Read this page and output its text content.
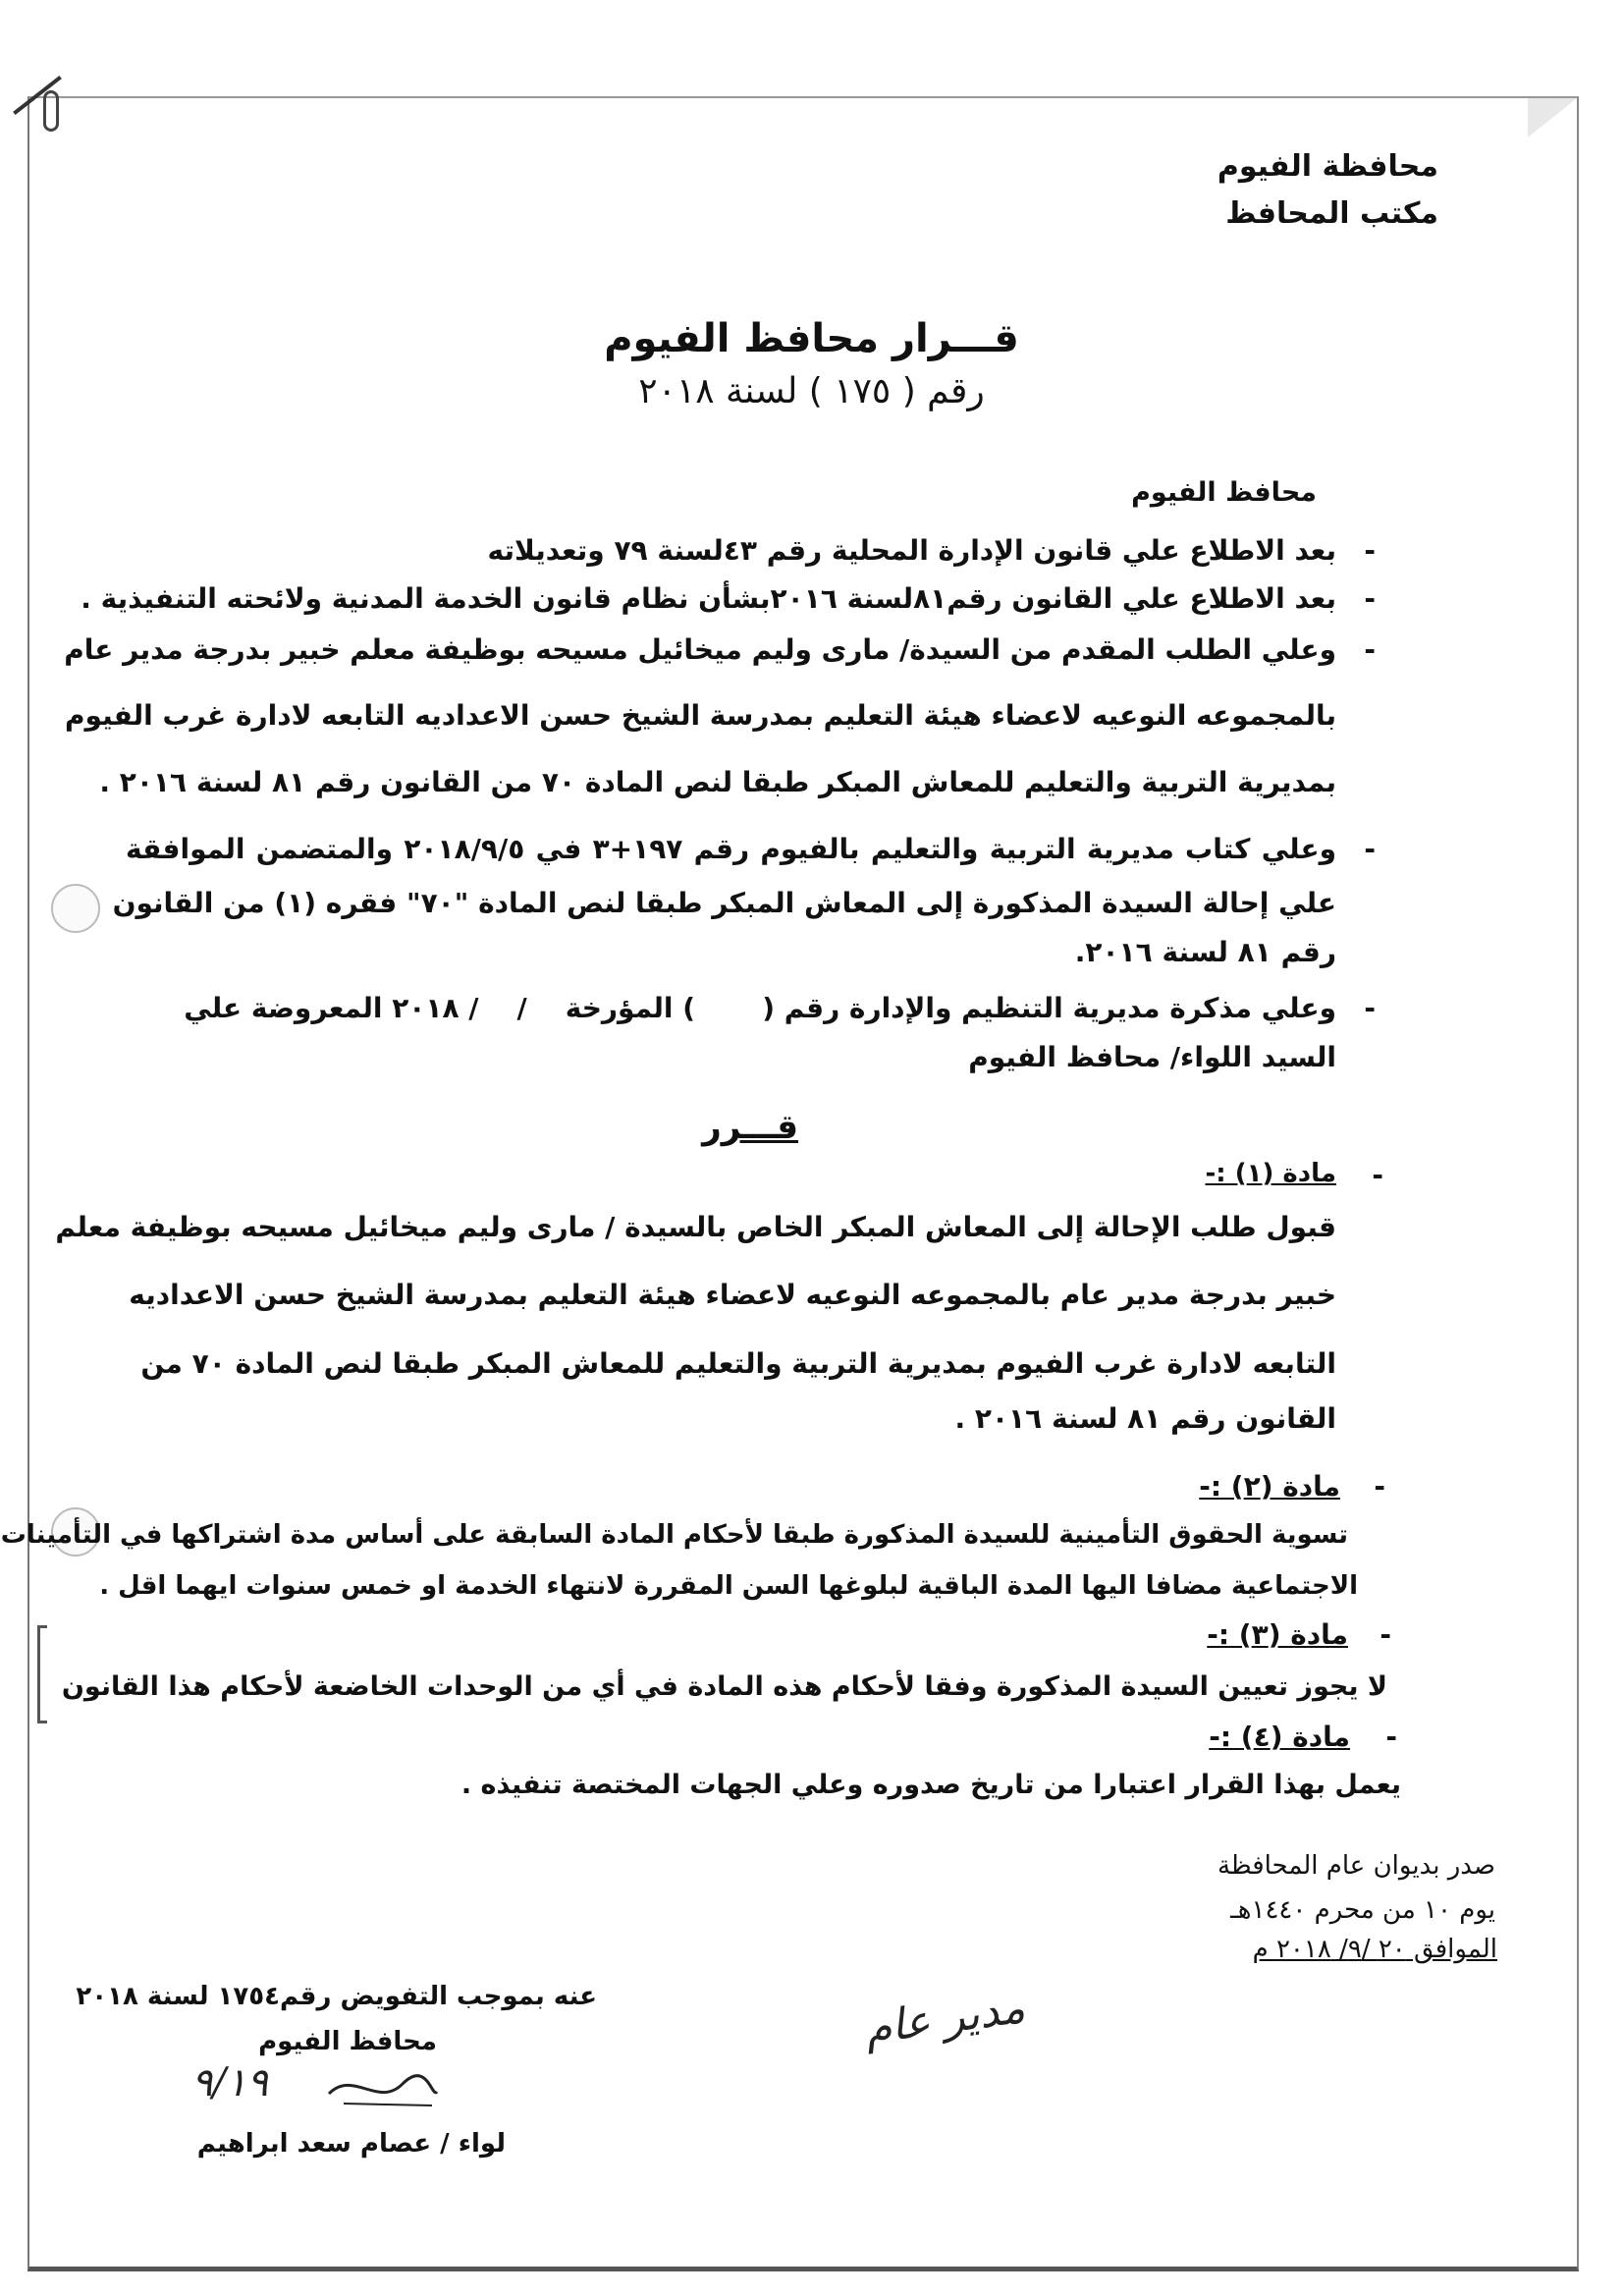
محافظة الفيوم
مكتب المحافظ
قـــرار محافظ الفيوم
رقم ( ١٧٥ ) لسنة ٢٠١٨
محافظ الفيوم
-
بعد الاطلاع علي قانون الإدارة المحلية رقم ٤٣لسنة ٧٩ وتعديلاته
-
بعد الاطلاع علي القانون رقم٨١لسنة ٢٠١٦بشأن نظام قانون الخدمة المدنية ولائحته التنفيذية .
-
وعلي الطلب المقدم من السيدة/ مارى وليم ميخائيل مسيحه بوظيفة معلم خبير بدرجة مدير عام
بالمجموعه النوعيه لاعضاء هيئة التعليم بمدرسة الشيخ حسن الاعداديه التابعه لادارة غرب الفيوم
بمديرية التربية والتعليم للمعاش المبكر طبقا لنص المادة ٧٠ من القانون رقم ٨١ لسنة ٢٠١٦ .
-
وعلي كتاب مديرية التربية والتعليم بالفيوم رقم ١٩٧+٣ في ٢٠١٨/٩/٥ والمتضمن الموافقة
علي إحالة السيدة المذكورة إلى المعاش المبكر طبقا لنص المادة "٧٠" فقره (١) من القانون
رقم ٨١ لسنة ٢٠١٦.
-
وعلي مذكرة مديرية التنظيم والإدارة رقم (       ) المؤرخة    /    / ٢٠١٨ المعروضة علي
السيد اللواء/ محافظ الفيوم
قـــرر
-
مادة (١) :-
قبول طلب الإحالة إلى المعاش المبكر الخاص بالسيدة / مارى وليم ميخائيل مسيحه بوظيفة معلم
خبير بدرجة مدير عام بالمجموعه النوعيه لاعضاء هيئة التعليم بمدرسة الشيخ حسن الاعداديه
التابعه لادارة غرب الفيوم بمديرية التربية والتعليم للمعاش المبكر طبقا لنص المادة ٧٠ من
القانون رقم ٨١ لسنة ٢٠١٦ .
-
مادة (٢) :-
تسوية الحقوق التأمينية للسيدة المذكورة طبقا لأحكام المادة السابقة على أساس مدة اشتراكها في التأمينات
الاجتماعية مضافا اليها المدة الباقية لبلوغها السن المقررة لانتهاء الخدمة او خمس سنوات ايهما اقل .
-
مادة (٣) :-
لا يجوز تعيين السيدة المذكورة وفقا لأحكام هذه المادة في أي من الوحدات الخاضعة لأحكام هذا القانون
-
مادة (٤) :-
يعمل بهذا القرار اعتبارا من تاريخ صدوره وعلي الجهات المختصة تنفيذه .
صدر بديوان عام المحافظة
يوم ١٠ من محرم ١٤٤٠هـ
الموافق ٢٠ /٩/ ٢٠١٨ م
عنه بموجب التفويض رقم١٧٥٤ لسنة ٢٠١٨
محافظ الفيوم
٩/١٩
لواء / عصام سعد ابراهيم
مدير عام
